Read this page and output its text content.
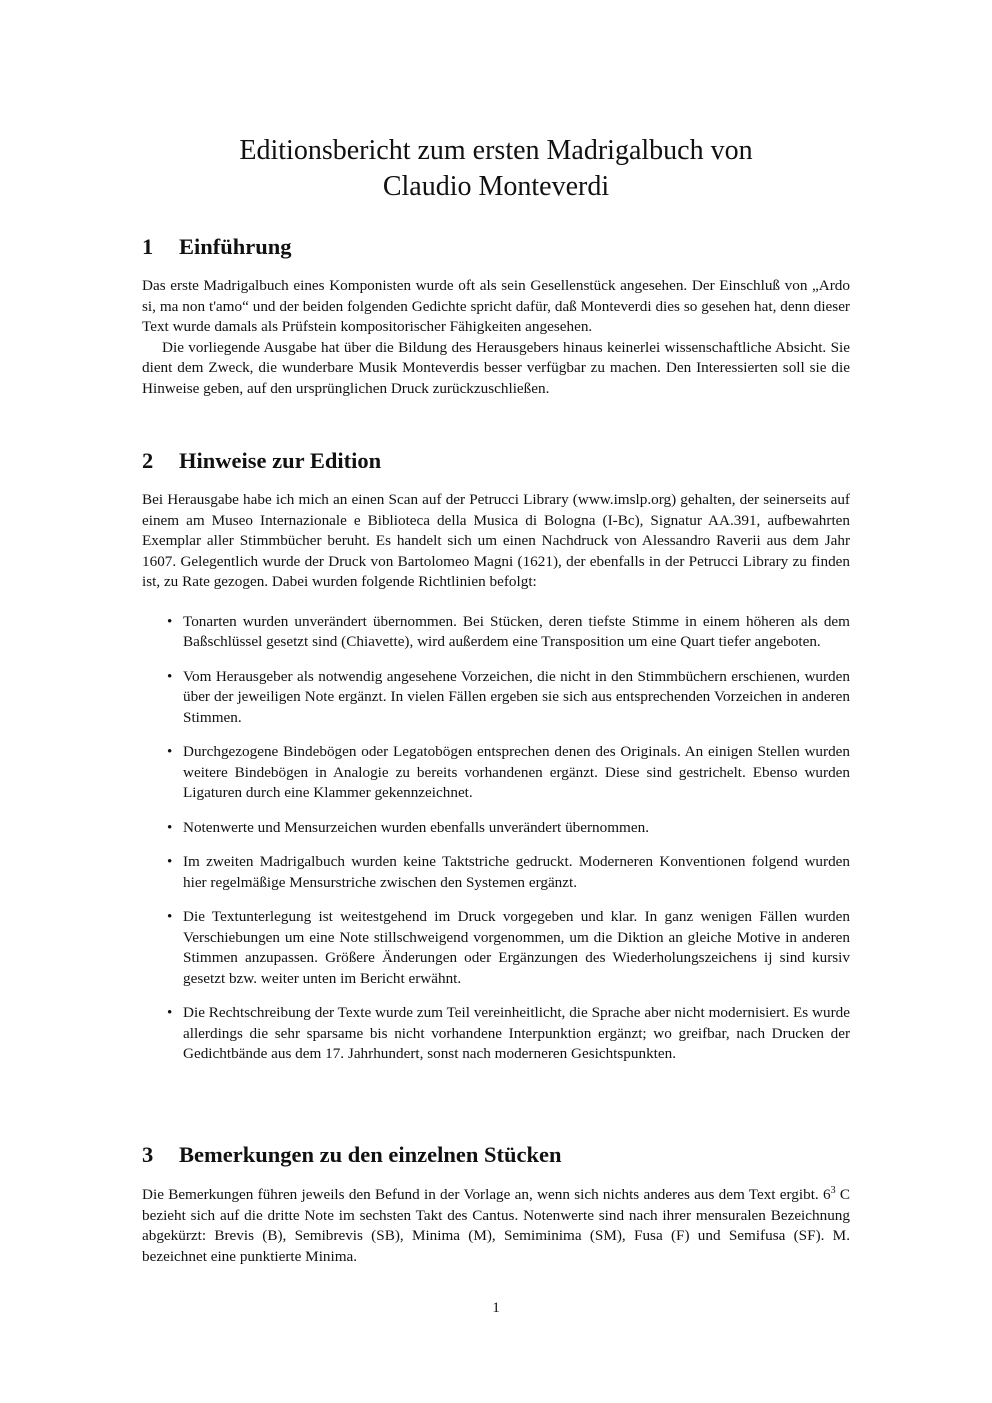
Editionsbericht zum ersten Madrigalbuch von
Claudio Monteverdi
1 Einführung

Das erste Madrigalbuch eines Komponisten wurde oft als sein Gesellenstück angesehen. Der Einschluß von „Ardo si, ma non t'amo“ und der beiden folgenden Gedichte spricht dafür, daß Monteverdi dies so gesehen hat, denn dieser Text wurde damals als Prüfstein kompositorischer Fähigkeiten angesehen.

Die vorliegende Ausgabe hat über die Bildung des Herausgebers hinaus keinerlei wissenschaftliche Absicht. Sie dient dem Zweck, die wunderbare Musik Monteverdis besser verfügbar zu machen. Den Interessierten soll sie die Hinweise geben, auf den ursprünglichen Druck zurückzuschließen.

2 Hinweise zur Edition

Bei Herausgabe habe ich mich an einen Scan auf der Petrucci Library (www.imslp.org) gehalten, der seinerseits auf einem am Museo Internazionale e Biblioteca della Musica di Bologna (I-Bc), Signatur AA.391, aufbewahrten Exemplar aller Stimmbücher beruht. Es handelt sich um einen Nachdruck von Alessandro Raverii aus dem Jahr 1607. Gelegentlich wurde der Druck von Bartolomeo Magni (1621), der ebenfalls in der Petrucci Library zu finden ist, zu Rate gezogen. Dabei wurden folgende Richtlinien befolgt:

• Tonarten wurden unverändert übernommen. Bei Stücken, deren tiefste Stimme in einem höheren als dem Baßschlüssel gesetzt sind (Chiavette), wird außerdem eine Transposition um eine Quart tiefer angeboten.
• Vom Herausgeber als notwendig angesehene Vorzeichen, die nicht in den Stimmbüchern erschienen, wurden über der jeweiligen Note ergänzt. In vielen Fällen ergeben sie sich aus entsprechenden Vorzeichen in anderen Stimmen.
• Durchgezogene Bindebögen oder Legatobögen entsprechen denen des Originals. An einigen Stellen wurden weitere Bindebögen in Analogie zu bereits vorhandenen ergänzt. Diese sind gestrichelt. Ebenso wurden Ligaturen durch eine Klammer gekennzeichnet.
• Notenwerte und Mensurzeichen wurden ebenfalls unverändert übernommen.
• Im zweiten Madrigalbuch wurden keine Taktstriche gedruckt. Moderneren Konventionen folgend wurden hier regelmäßige Mensurstriche zwischen den Systemen ergänzt.
• Die Textunterlegung ist weitestgehend im Druck vorgegeben und klar. In ganz wenigen Fällen wurden Verschiebungen um eine Note stillschweigend vorgenommen, um die Diktion an gleiche Motive in anderen Stimmen anzupassen. Größere Änderungen oder Ergänzungen des Wiederholungszeichens ij sind kursiv gesetzt bzw. weiter unten im Bericht erwähnt.
• Die Rechtschreibung der Texte wurde zum Teil vereinheitlicht, die Sprache aber nicht modernisiert. Es wurde allerdings die sehr sparsame bis nicht vorhandene Interpunktion ergänzt; wo greifbar, nach Drucken der Gedichtbände aus dem 17. Jahrhundert, sonst nach moderneren Gesichtspunkten.
3 Bemerkungen zu den einzelnen Stücken

Die Bemerkungen führen jeweils den Befund in der Vorlage an, wenn sich nichts anderes aus dem Text ergibt. $6^3$ C bezieht sich auf die dritte Note im sechsten Takt des Cantus. Notenwerte sind nach ihrer mensuralen Bezeichnung abgekürzt: Brevis (B), Semibrevis (SB), Minima (M), Semiminima (SM), Fusa (F) und Semifusa (SF). M. bezeichnet eine punktierte Minima.

1
